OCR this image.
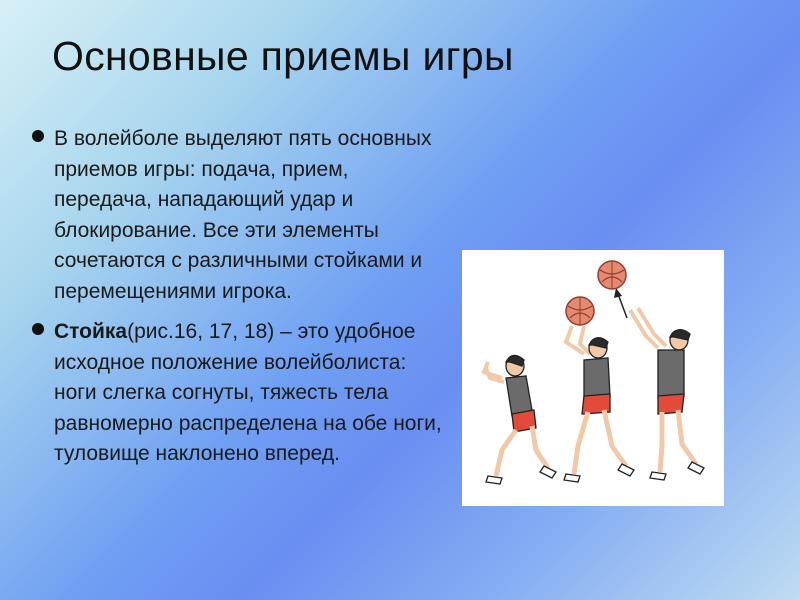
Основные приемы игры
В волейболе выделяют пять основных приемов игры: подача, прием, передача, нападающий удар и блокирование. Все эти элементы сочетаются с различными стойками и перемещениями игрока.
Стойка(рис.16, 17, 18) – это удобное исходное положение волейболиста: ноги слегка согнуты, тяжесть тела равномерно распределена на обе ноги, туловище наклонено вперед.
